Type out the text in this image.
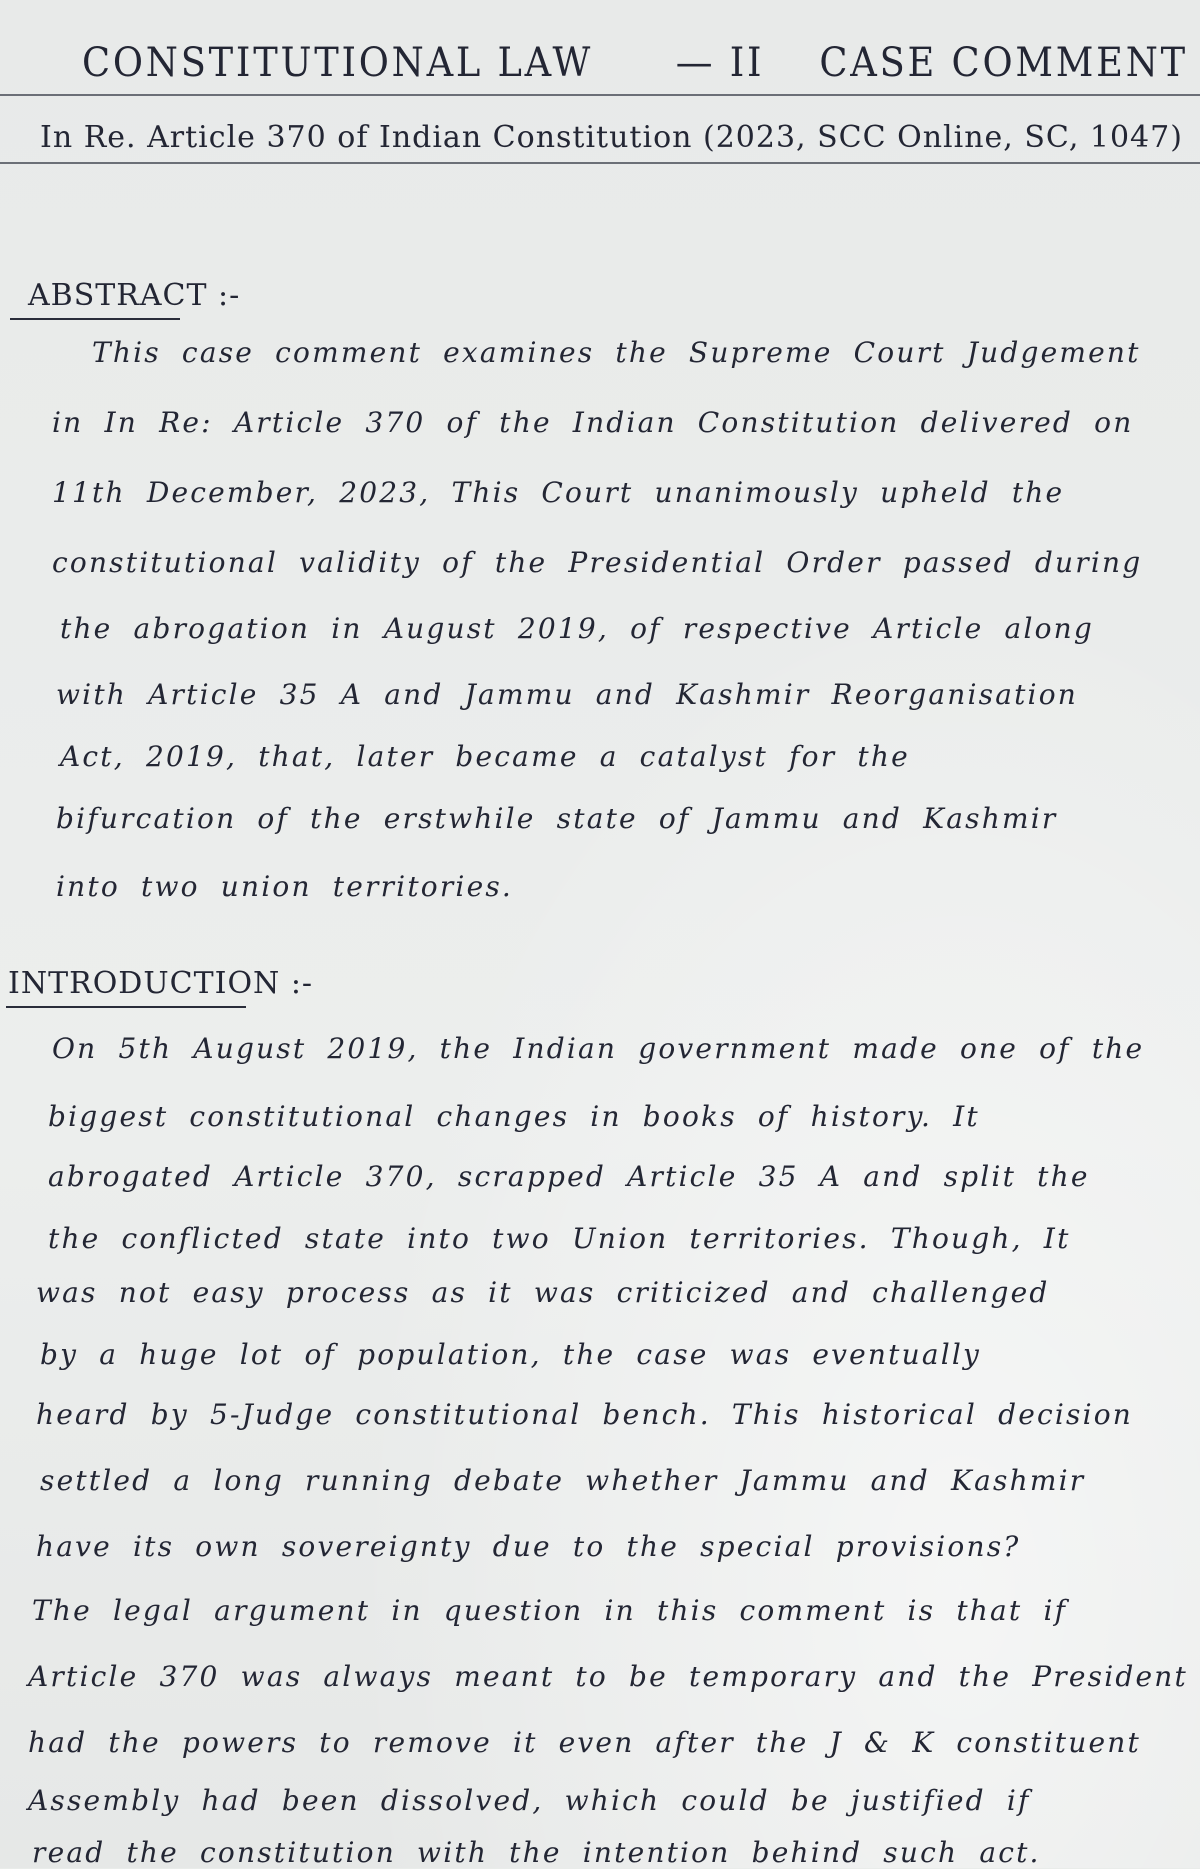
CONSTITUTIONAL LAW — II CASE COMMENT
In Re. Article 370 of Indian Constitution (2023, SCC Online, SC, 1047)
ABSTRACT :-
This case comment examines the Supreme Court Judgement
in In Re: Article 370 of the Indian Constitution delivered on
11th December, 2023, This Court unanimously upheld the
constitutional validity of the Presidential Order passed during
the abrogation in August 2019, of respective Article along
with Article 35 A and Jammu and Kashmir Reorganisation
Act, 2019, that, later became a catalyst for the
bifurcation of the erstwhile state of Jammu and Kashmir
into two union territories.
INTRODUCTION :-
On 5th August 2019, the Indian government made one of the
biggest constitutional changes in books of history. It
abrogated Article 370, scrapped Article 35 A and split the
the conflicted state into two Union territories. Though, It
was not easy process as it was criticized and challenged
by a huge lot of population, the case was eventually
heard by 5-Judge constitutional bench. This historical decision
settled a long running debate whether Jammu and Kashmir
have its own sovereignty due to the special provisions?
The legal argument in question in this comment is that if
Article 370 was always meant to be temporary and the President
had the powers to remove it even after the J & K constituent
Assembly had been dissolved, which could be justified if
read the constitution with the intention behind such act.
